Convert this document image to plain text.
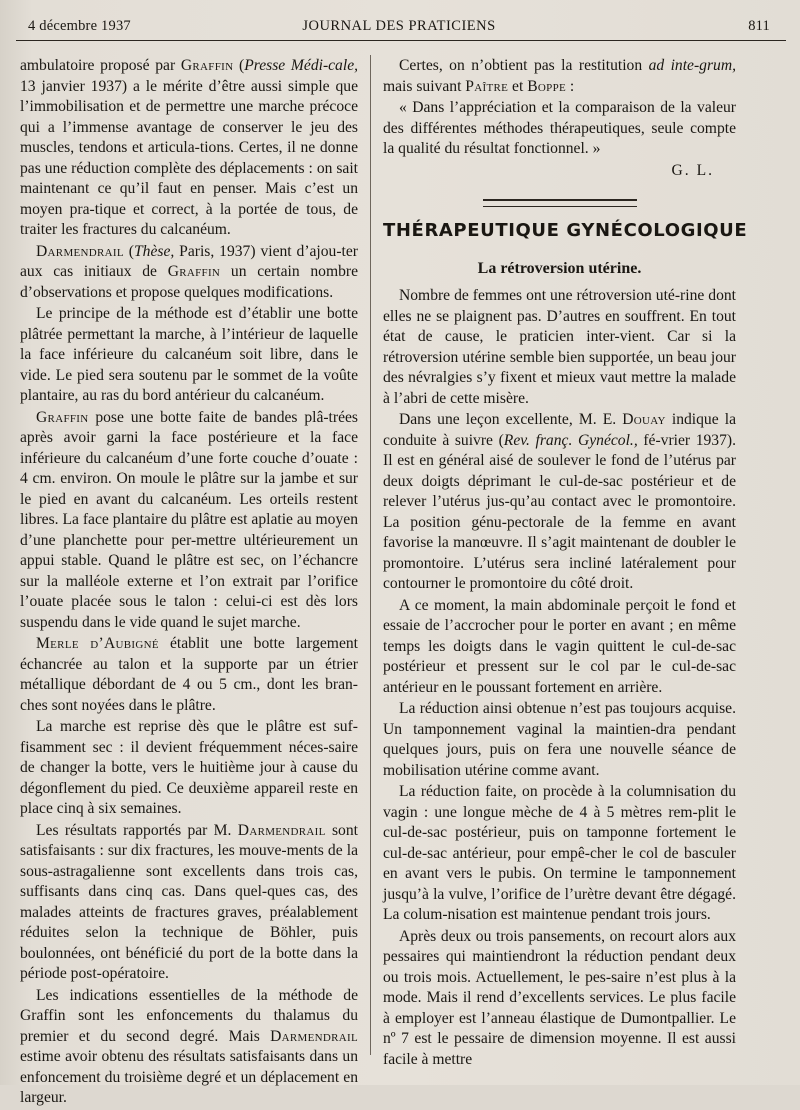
4 décembre 1937	JOURNAL DES PRATICIENS	811

ambulatoire proposé par Graffin (Presse Médi-cale, 13 janvier 1937) a le mérite d’être aussi simple que l’immobilisation et de permettre une marche précoce qui a l’immense avantage de conserver le jeu des muscles, tendons et articula-tions. Certes, il ne donne pas une réduction complète des déplacements : on sait maintenant ce qu’il faut en penser. Mais c’est un moyen pra-tique et correct, à la portée de tous, de traiter les fractures du calcanéum.

Darmendrail (Thèse, Paris, 1937) vient d’ajou-ter aux cas initiaux de Graffin un certain nombre d’observations et propose quelques modifications.

Le principe de la méthode est d’établir une botte plâtrée permettant la marche, à l’intérieur de laquelle la face inférieure du calcanéum soit libre, dans le vide. Le pied sera soutenu par le sommet de la voûte plantaire, au ras du bord antérieur du calcanéum.

Graffin pose une botte faite de bandes plâ-trées après avoir garni la face postérieure et la face inférieure du calcanéum d’une forte couche d’ouate : 4 cm. environ. On moule le plâtre sur la jambe et sur le pied en avant du calcanéum. Les orteils restent libres. La face plantaire du plâtre est aplatie au moyen d’une planchette pour per-mettre ultérieurement un appui stable. Quand le plâtre est sec, on l’échancre sur la malléole externe et l’on extrait par l’orifice l’ouate placée sous le talon : celui-ci est dès lors suspendu dans le vide quand le sujet marche.

Merle d’Aubigné établit une botte largement échancrée au talon et la supporte par un étrier métallique débordant de 4 ou 5 cm., dont les bran-ches sont noyées dans le plâtre.

La marche est reprise dès que le plâtre est suf-fisamment sec : il devient fréquemment néces-saire de changer la botte, vers le huitième jour à cause du dégonflement du pied. Ce deuxième appareil reste en place cinq à six semaines.

Les résultats rapportés par M. Darmendrail sont satisfaisants : sur dix fractures, les mouve-ments de la sous-astragalienne sont excellents dans trois cas, suffisants dans cinq cas. Dans quel-ques cas, des malades atteints de fractures graves, préalablement réduites selon la technique de Böhler, puis boulonnées, ont bénéficié du port de la botte dans la période post-opératoire.

Les indications essentielles de la méthode de Graffin sont les enfoncements du thalamus du premier et du second degré. Mais Darmendrail estime avoir obtenu des résultats satisfaisants dans un enfoncement du troisième degré et un déplacement en largeur.

Certes, on n’obtient pas la restitution ad inte-grum, mais suivant Paître et Boppe :

« Dans l’appréciation et la comparaison de la valeur des différentes méthodes thérapeutiques, seule compte la qualité du résultat fonctionnel. »

G. L.

THÉRAPEUTIQUE GYNÉCOLOGIQUE
La rétroversion utérine.

Nombre de femmes ont une rétroversion uté-rine dont elles ne se plaignent pas. D’autres en souffrent. En tout état de cause, le praticien inter-vient. Car si la rétroversion utérine semble bien supportée, un beau jour des névralgies s’y fixent et mieux vaut mettre la malade à l’abri de cette misère.

Dans une leçon excellente, M. E. Douay indique la conduite à suivre (Rev. franç. Gynécol., fé-vrier 1937). Il est en général aisé de soulever le fond de l’utérus par deux doigts déprimant le cul-de-sac postérieur et de relever l’utérus jus-qu’au contact avec le promontoire. La position génu-pectorale de la femme en avant favorise la manœuvre. Il s’agit maintenant de doubler le promontoire. L’utérus sera incliné latéralement pour contourner le promontoire du côté droit.

A ce moment, la main abdominale perçoit le fond et essaie de l’accrocher pour le porter en avant ; en même temps les doigts dans le vagin quittent le cul-de-sac postérieur et pressent sur le col par le cul-de-sac antérieur en le poussant fortement en arrière.

La réduction ainsi obtenue n’est pas toujours acquise. Un tamponnement vaginal la maintien-dra pendant quelques jours, puis on fera une nouvelle séance de mobilisation utérine comme avant.

La réduction faite, on procède à la columnisation du vagin : une longue mèche de 4 à 5 mètres rem-plit le cul-de-sac postérieur, puis on tamponne fortement le cul-de-sac antérieur, pour empê-cher le col de basculer en avant vers le pubis. On termine le tamponnement jusqu’à la vulve, l’orifice de l’urètre devant être dégagé. La colum-nisation est maintenue pendant trois jours.

Après deux ou trois pansements, on recourt alors aux pessaires qui maintiendront la réduction pendant deux ou trois mois. Actuellement, le pes-saire n’est plus à la mode. Mais il rend d’excellents services. Le plus facile à employer est l’anneau élastique de Dumontpallier. Le nº 7 est le pessaire de dimension moyenne. Il est aussi facile à mettre
